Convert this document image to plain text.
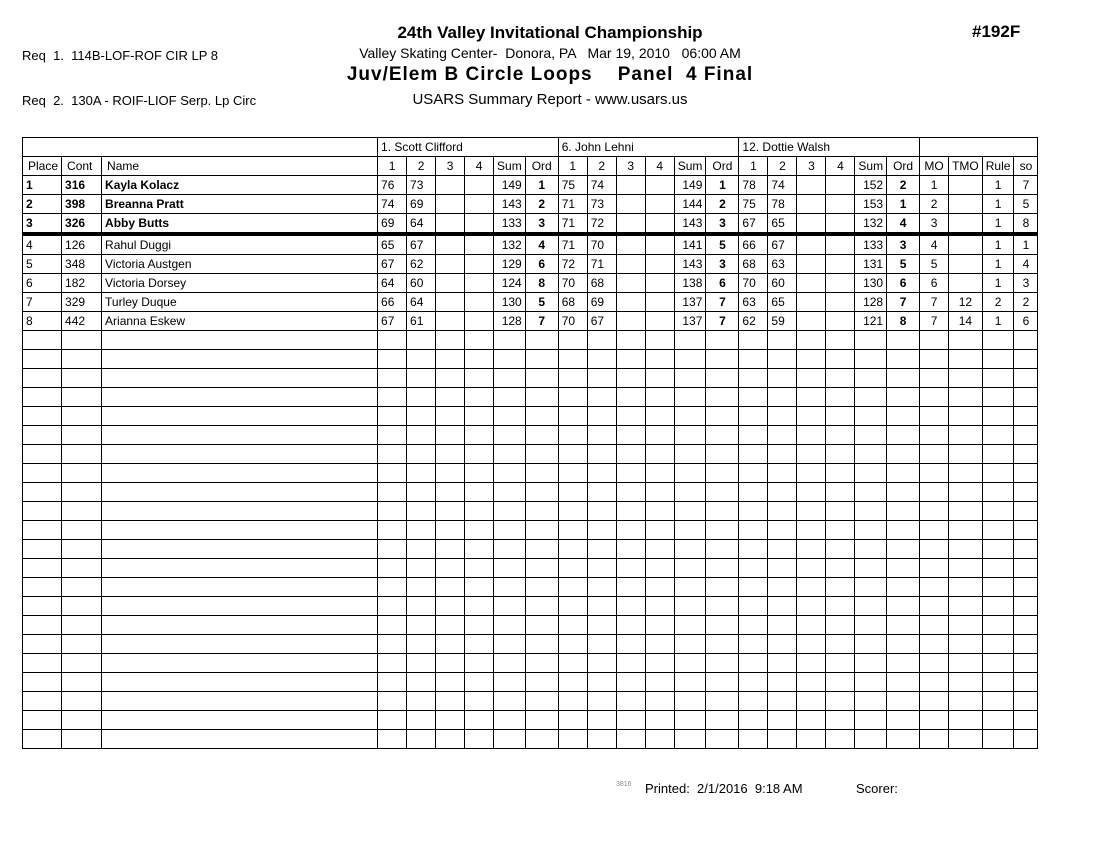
Req  1.  114B-LOF-ROF CIR LP 8

Req  2.  130A - ROIF-LIOF Serp. Lp Circ

#192F
24th Valley Invitational Championship
Valley Skating Center-  Donora, PA   Mar 19, 2010   06:00 AM
Juv/Elem B Circle Loops    Panel  4 Final
USARS Summary Report - www.usars.us
			1. Scott Clifford						6. John Lehni						12. Dottie Walsh									
Place	Cont	Name	1	2	3	4	Sum	Ord	1	2	3	4	Sum	Ord	1	2	3	4	Sum	Ord	MO	TMO	Rule	so
1	316	Kayla Kolacz	76	73			149	1	75	74			149	1	78	74			152	2	1		1	7
2	398	Breanna Pratt	74	69			143	2	71	73			144	2	75	78			153	1	2		1	5
3	326	Abby Butts	69	64			133	3	71	72			143	3	67	65			132	4	3		1	8
4	126	Rahul Duggi	65	67			132	4	71	70			141	5	66	67			133	3	4		1	1
5	348	Victoria Austgen	67	62			129	6	72	71			143	3	68	63			131	5	5		1	4
6	182	Victoria Dorsey	64	60			124	8	70	68			138	6	70	60			130	6	6		1	3
7	329	Turley Duque	66	64			130	5	68	69			137	7	63	65			128	7	7	12	2	2
8	442	Arianna Eskew	67	61			128	7	70	67			137	7	62	59			121	8	7	14	1	6

3816 Printed:  2/1/2016  9:18 AM	Scorer:
